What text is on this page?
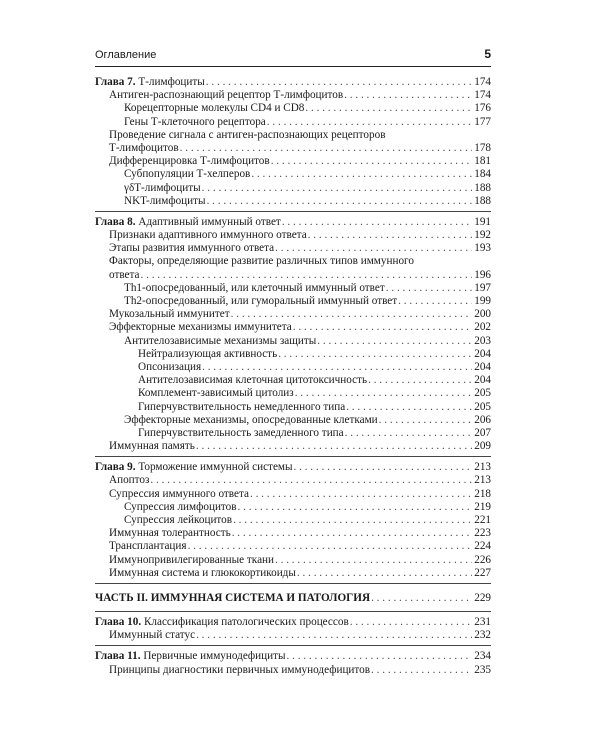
Оглавление	5
Глава 7. Т-лимфоциты . . .	174
Антиген-распознающий рецептор Т-лимфоцитов . . .	174
Корецепторные молекулы CD4 и CD8 . . .	176
Гены Т-клеточного рецептора . . .	177
Проведение сигнала с антиген-распознающих рецепторов
Т-лимфоцитов . . .	178
Дифференцировка Т-лимфоцитов . . .	181
Субпопуляции Т-хелперов . . .	184
γδТ-лимфоциты . . .	188
NKT-лимфоциты . . .	188
Глава 8. Адаптивный иммунный ответ . . .	191
Признаки адаптивного иммунного ответа . . .	192
Этапы развития иммунного ответа . . .	193
Факторы, определяющие развитие различных типов иммунного
ответа . . .	196
Th1-опосредованный, или клеточный иммунный ответ . . .	197
Th2-опосредованный, или гуморальный иммунный ответ . . .	199
Мукозальный иммунитет . . .	200
Эффекторные механизмы иммунитета . . .	202
Антителозависимые механизмы защиты . . .	203
Нейтрализующая активность . . .	204
Опсонизация . . .	204
Антителозависимая клеточная цитотоксичность . . .	204
Комплемент-зависимый цитолиз . . .	205
Гиперчувствительность немедленного типа . . .	205
Эффекторные механизмы, опосредованные клетками . . .	206
Гиперчувствительность замедленного типа . . .	207
Иммунная память . . .	209
Глава 9. Торможение иммунной системы . . .	213
Апоптоз . . .	213
Супрессия иммунного ответа . . .	218
Супрессия лимфоцитов . . .	219
Супрессия лейкоцитов . . .	221
Иммунная толерантность . . .	223
Трансплантация . . .	224
Иммунопривилегированные ткани . . .	226
Иммунная система и глюкокортикоиды . . .	227
ЧАСТЬ II. ИММУННАЯ СИСТЕМА И ПАТОЛОГИЯ . . .	229
Глава 10. Классификация патологических процессов . . .	231
Иммунный статус . . .	232
Глава 11. Первичные иммунодефициты . . .	234
Принципы диагностики первичных иммунодефицитов . . .	235
